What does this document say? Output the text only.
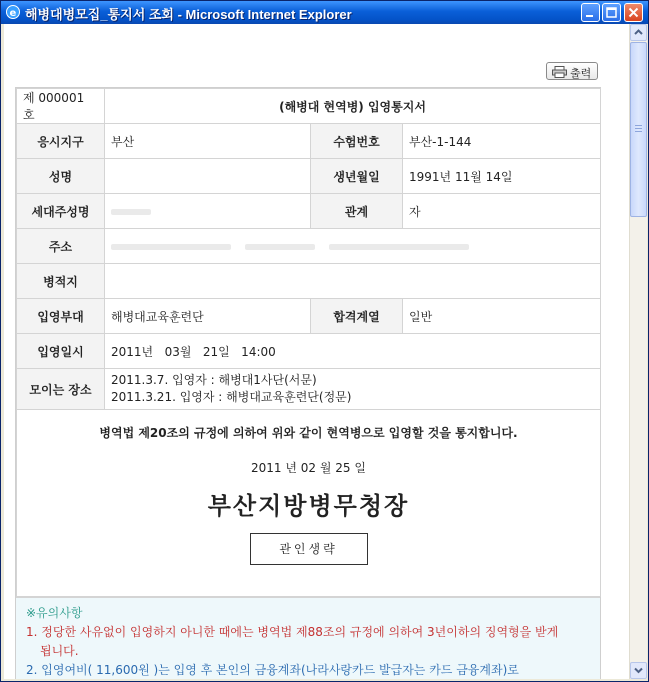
e 해병대병모집_통지서 조회 - Microsoft Internet Explorer
출력
제 000001 호	(해병대 현역병) 입영통지서		
응시지구	부산	수험번호	부산-1-144
성명		생년월일	1991년 11월 14일
세대주성명		관계	자
주소			
병적지			
입영부대	해병대교육훈련단	합격계열	일반
입영일시	2011년   03월   21일   14:00		
모이는 장소	2011.3.7. 입영자 : 해병대1사단(서문)
2011.3.21. 입영자 : 해병대교육훈련단(정문)		

병역법 제20조의 규정에 의하여 위와 같이 현역병으로 입영할 것을 통지합니다.
2011 년 02 월 25 일
부산지방병무청장
관인생략			
※유의사항
1. 정당한 사유없이 입영하지 아니한 때에는 병역법 제88조의 규정에 의하여 3년이하의 징역형을 받게
됩니다.
2. 입영여비( 11,600원 )는 입영 후 본인의 금융계좌(나라사랑카드 발급자는 카드 금융계좌)로
